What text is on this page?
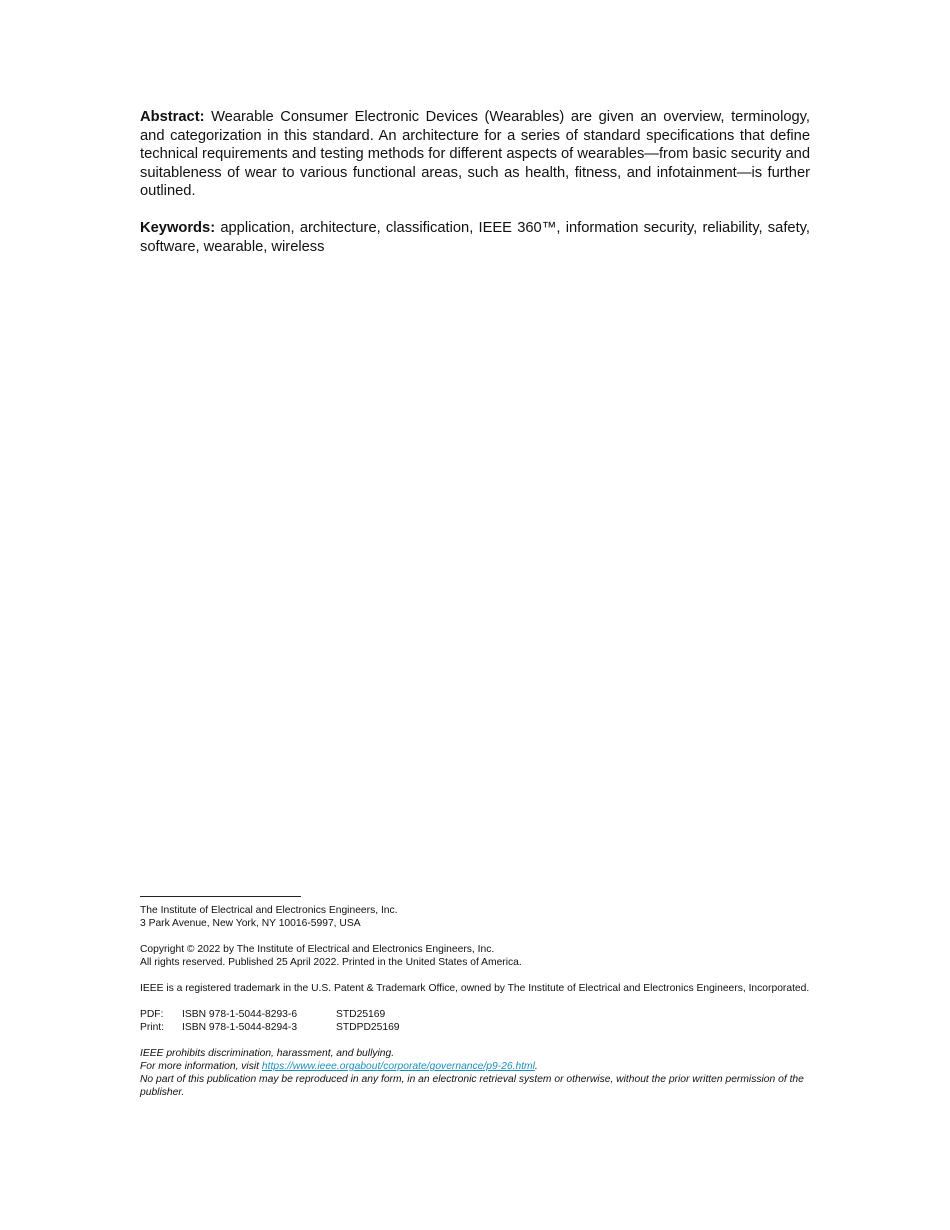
Abstract: Wearable Consumer Electronic Devices (Wearables) are given an overview, terminology, and categorization in this standard. An architecture for a series of standard specifications that define technical requirements and testing methods for different aspects of wearables—from basic security and suitableness of wear to various functional areas, such as health, fitness, and infotainment—is further outlined.

Keywords: application, architecture, classification, IEEE 360™, information security, reliability, safety, software, wearable, wireless

The Institute of Electrical and Electronics Engineers, Inc.
3 Park Avenue, New York, NY 10016-5997, USA

Copyright © 2022 by The Institute of Electrical and Electronics Engineers, Inc.
All rights reserved. Published 25 April 2022. Printed in the United States of America.

IEEE is a registered trademark in the U.S. Patent & Trademark Office, owned by The Institute of Electrical and Electronics Engineers, Incorporated.

PDF:	ISBN 978-1-5044-8293-6	STD25169
Print:	ISBN 978-1-5044-8294-3	STDPD25169

IEEE prohibits discrimination, harassment, and bullying.
For more information, visit https://www.ieee.orgabout/corporate/governance/p9-26.html.
No part of this publication may be reproduced in any form, in an electronic retrieval system or otherwise, without the prior written permission of the publisher.
